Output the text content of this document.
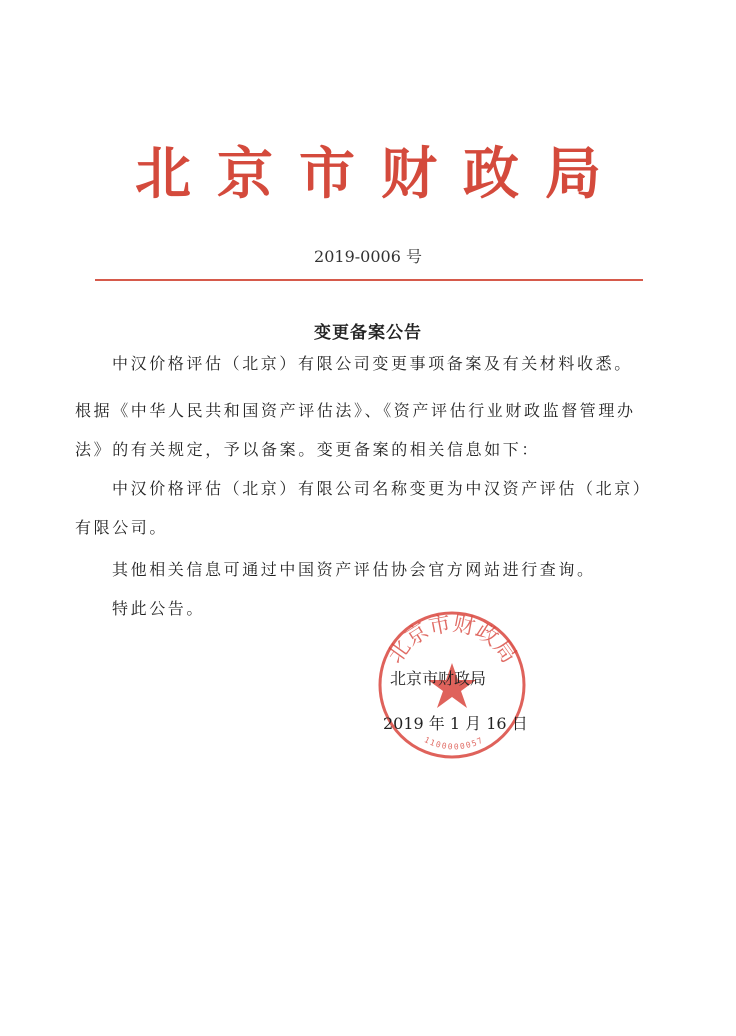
北京市财政局
2019-0006 号
变更备案公告
中汉价格评估（北京）有限公司变更事项备案及有关材料收悉。
根据《中华人民共和国资产评估法》、《资产评估行业财政监督管理办
法》的有关规定，予以备案。变更备案的相关信息如下：
中汉价格评估（北京）有限公司名称变更为中汉资产评估（北京）
有限公司。
其他相关信息可通过中国资产评估协会官方网站进行查询。
特此公告。
北京市财政局
1100000057
北京市财政局
2019 年 1 月 16 日
